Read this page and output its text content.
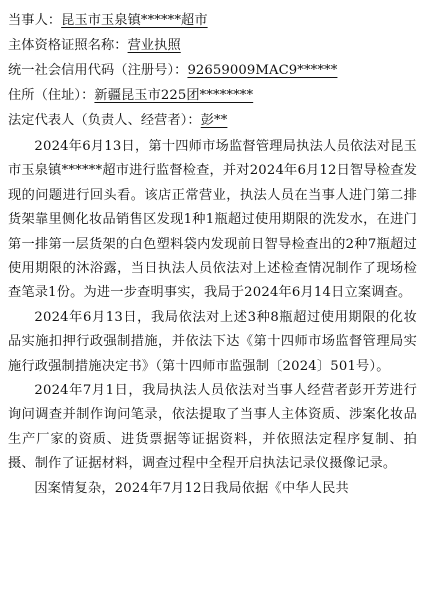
当事人：昆玉市玉泉镇******超市
主体资格证照名称：营业执照
统一社会信用代码（注册号）：92659009MAC9******
住所（住址）：新疆昆玉市225团********
法定代表人（负责人、经营者）：彭**

2024年6月13日，第十四师市场监督管理局执法人员依法对昆玉市玉泉镇******超市进行监督检查，并对2024年6月12日智导检查发现的问题进行回头看。该店正常营业，执法人员在当事人进门第二排货架靠里侧化妆品销售区发现1种1瓶超过使用期限的洗发水，在进门第一排第一层货架的白色塑料袋内发现前日智导检查出的2种7瓶超过使用期限的沐浴露，当日执法人员依法对上述检查情况制作了现场检查笔录1份。为进一步查明事实，我局于2024年6月14日立案调查。

2024年6月13日，我局依法对上述3种8瓶超过使用期限的化妆品实施扣押行政强制措施，并依法下达《第十四师市场监督管理局实施行政强制措施决定书》（第十四师市监强制〔2024〕501号）。

2024年7月1日，我局执法人员依法对当事人经营者彭开芳进行询问调查并制作询问笔录，依法提取了当事人主体资质、涉案化妆品生产厂家的资质、进货票据等证据资料，并依照法定程序复制、拍摄、制作了证据材料，调查过程中全程开启执法记录仪摄像记录。

因案情复杂，2024年7月12日我局依据《中华人民共
